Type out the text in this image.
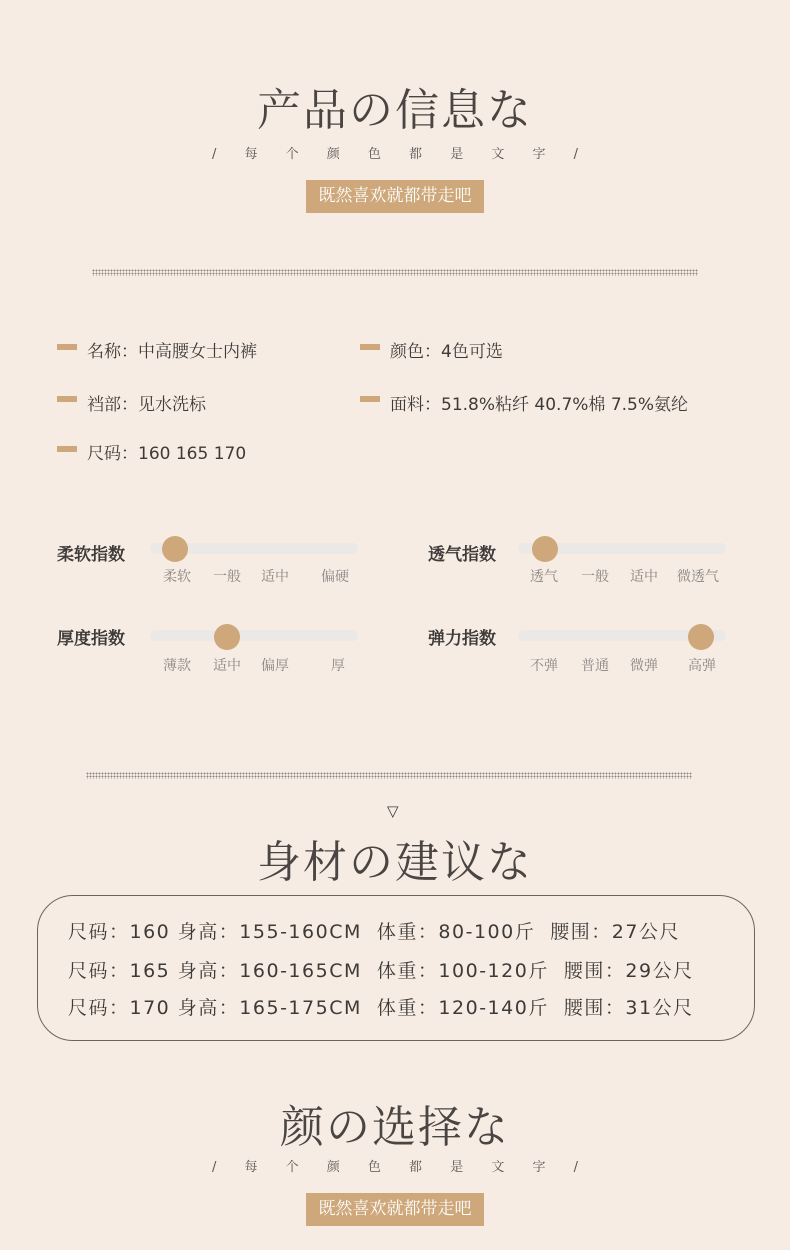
产品の信息な
/ 每 个 颜 色 都 是 文 字 /
既然喜欢就都带走吧
名称：中高腰女士内裤	颜色：4色可选
裆部：见水洗标	面料：51.8%粘纤 40.7%棉 7.5%氨纶
尺码：160 165 170
柔软指数
柔软 一般 适中 偏硬
透气指数
透气 一般 适中 微透气
厚度指数
薄款 适中 偏厚	厚
弹力指数
不弹 普通 微弹 高弹
▽
身材の建议な
尺码：160 身高：155-160CM  体重：80-100斤  腰围：27公尺
尺码：165 身高：160-165CM  体重：100-120斤  腰围：29公尺
尺码：170 身高：165-175CM  体重：120-140斤  腰围：31公尺
颜の选择な
/ 每 个 颜 色 都 是 文 字 /
既然喜欢就都带走吧
